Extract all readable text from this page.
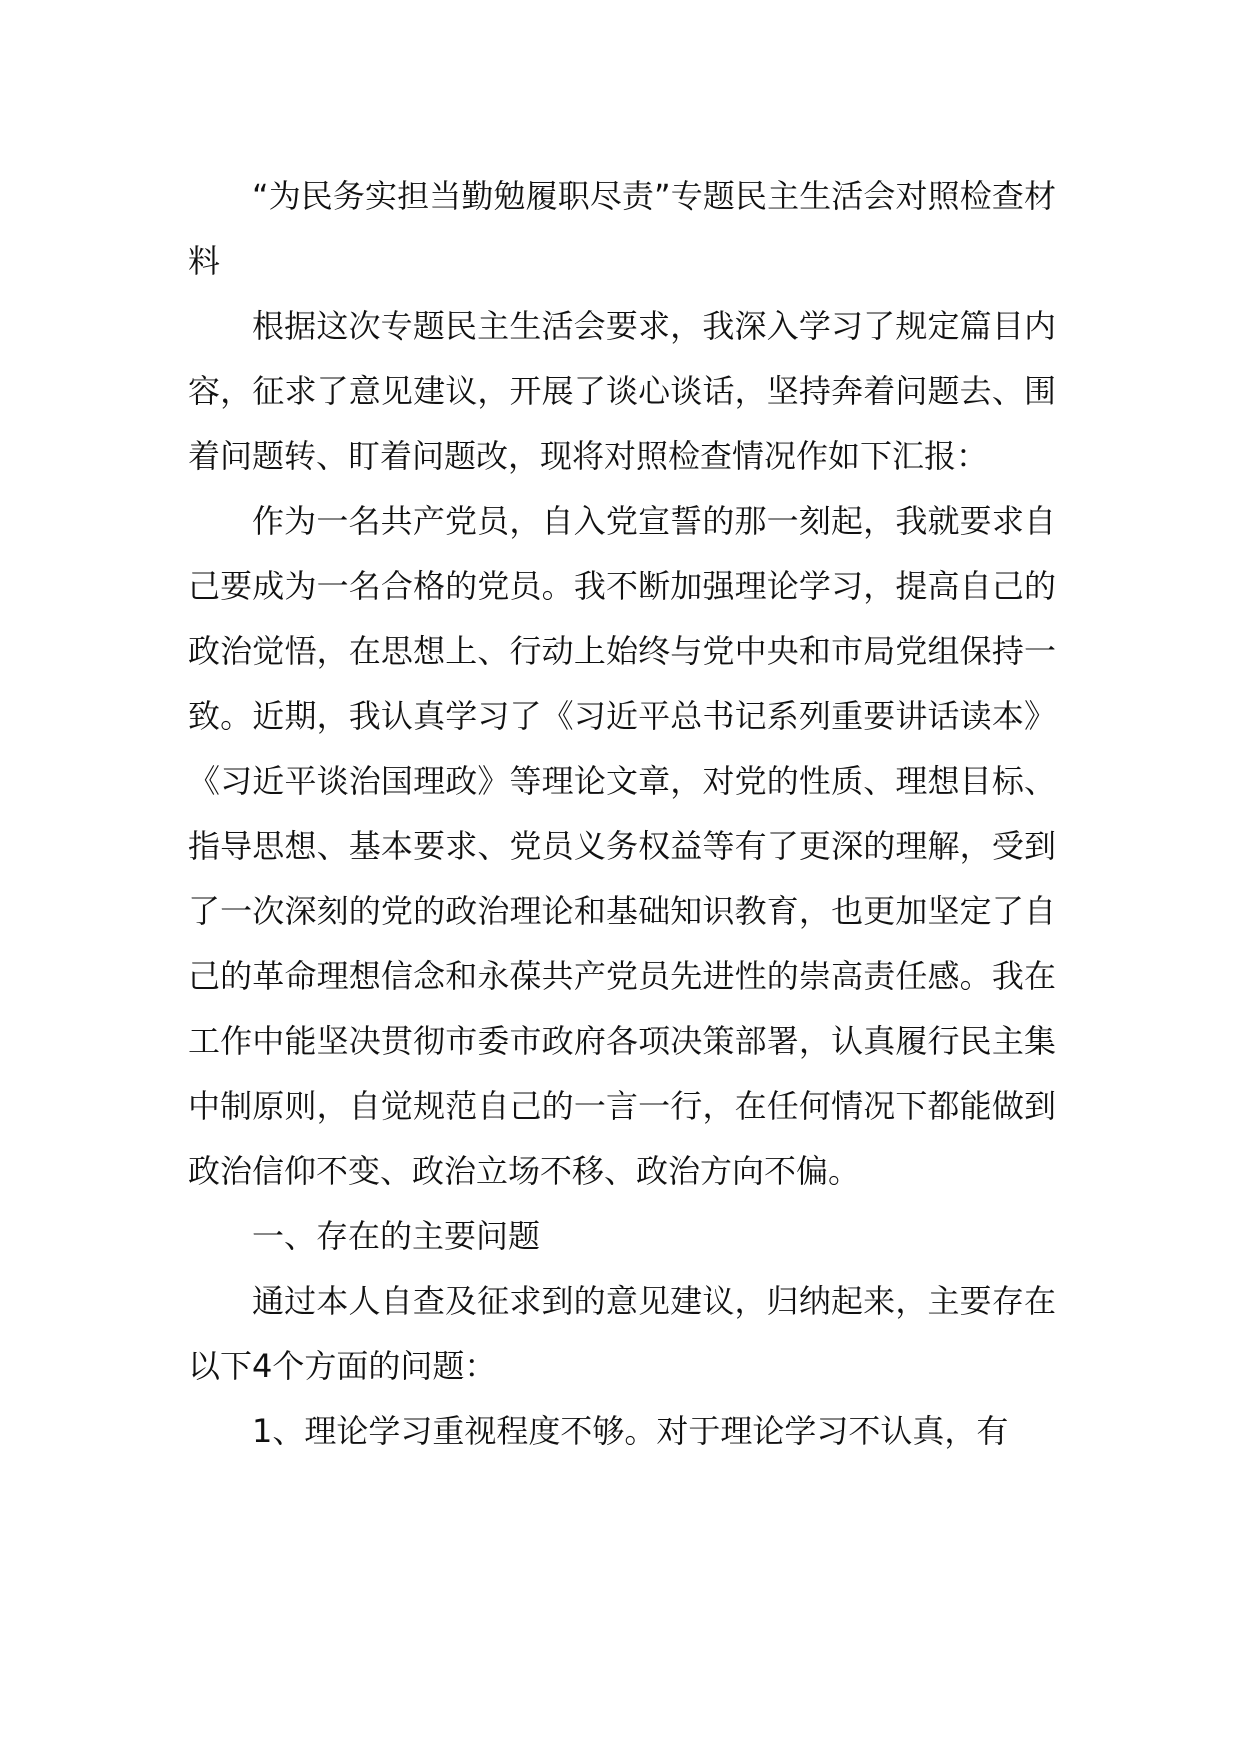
“为民务实担当勤勉履职尽责”专题民主生活会对照检查材料

根据这次专题民主生活会要求，我深入学习了规定篇目内容，征求了意见建议，开展了谈心谈话，坚持奔着问题去、围着问题转、盯着问题改，现将对照检查情况作如下汇报：

作为一名共产党员，自入党宣誓的那一刻起，我就要求自己要成为一名合格的党员。我不断加强理论学习，提高自己的政治觉悟，在思想上、行动上始终与党中央和市局党组保持一致。近期，我认真学习了《习近平总书记系列重要讲话读本》《习近平谈治国理政》等理论文章，对党的性质、理想目标、指导思想、基本要求、党员义务权益等有了更深的理解，受到了一次深刻的党的政治理论和基础知识教育，也更加坚定了自己的革命理想信念和永葆共产党员先进性的崇高责任感。我在工作中能坚决贯彻市委市政府各项决策部署，认真履行民主集中制原则，自觉规范自己的一言一行，在任何情况下都能做到政治信仰不变、政治立场不移、政治方向不偏。

一、存在的主要问题

通过本人自查及征求到的意见建议，归纳起来，主要存在以下4个方面的问题：

1、理论学习重视程度不够。对于理论学习不认真，有
